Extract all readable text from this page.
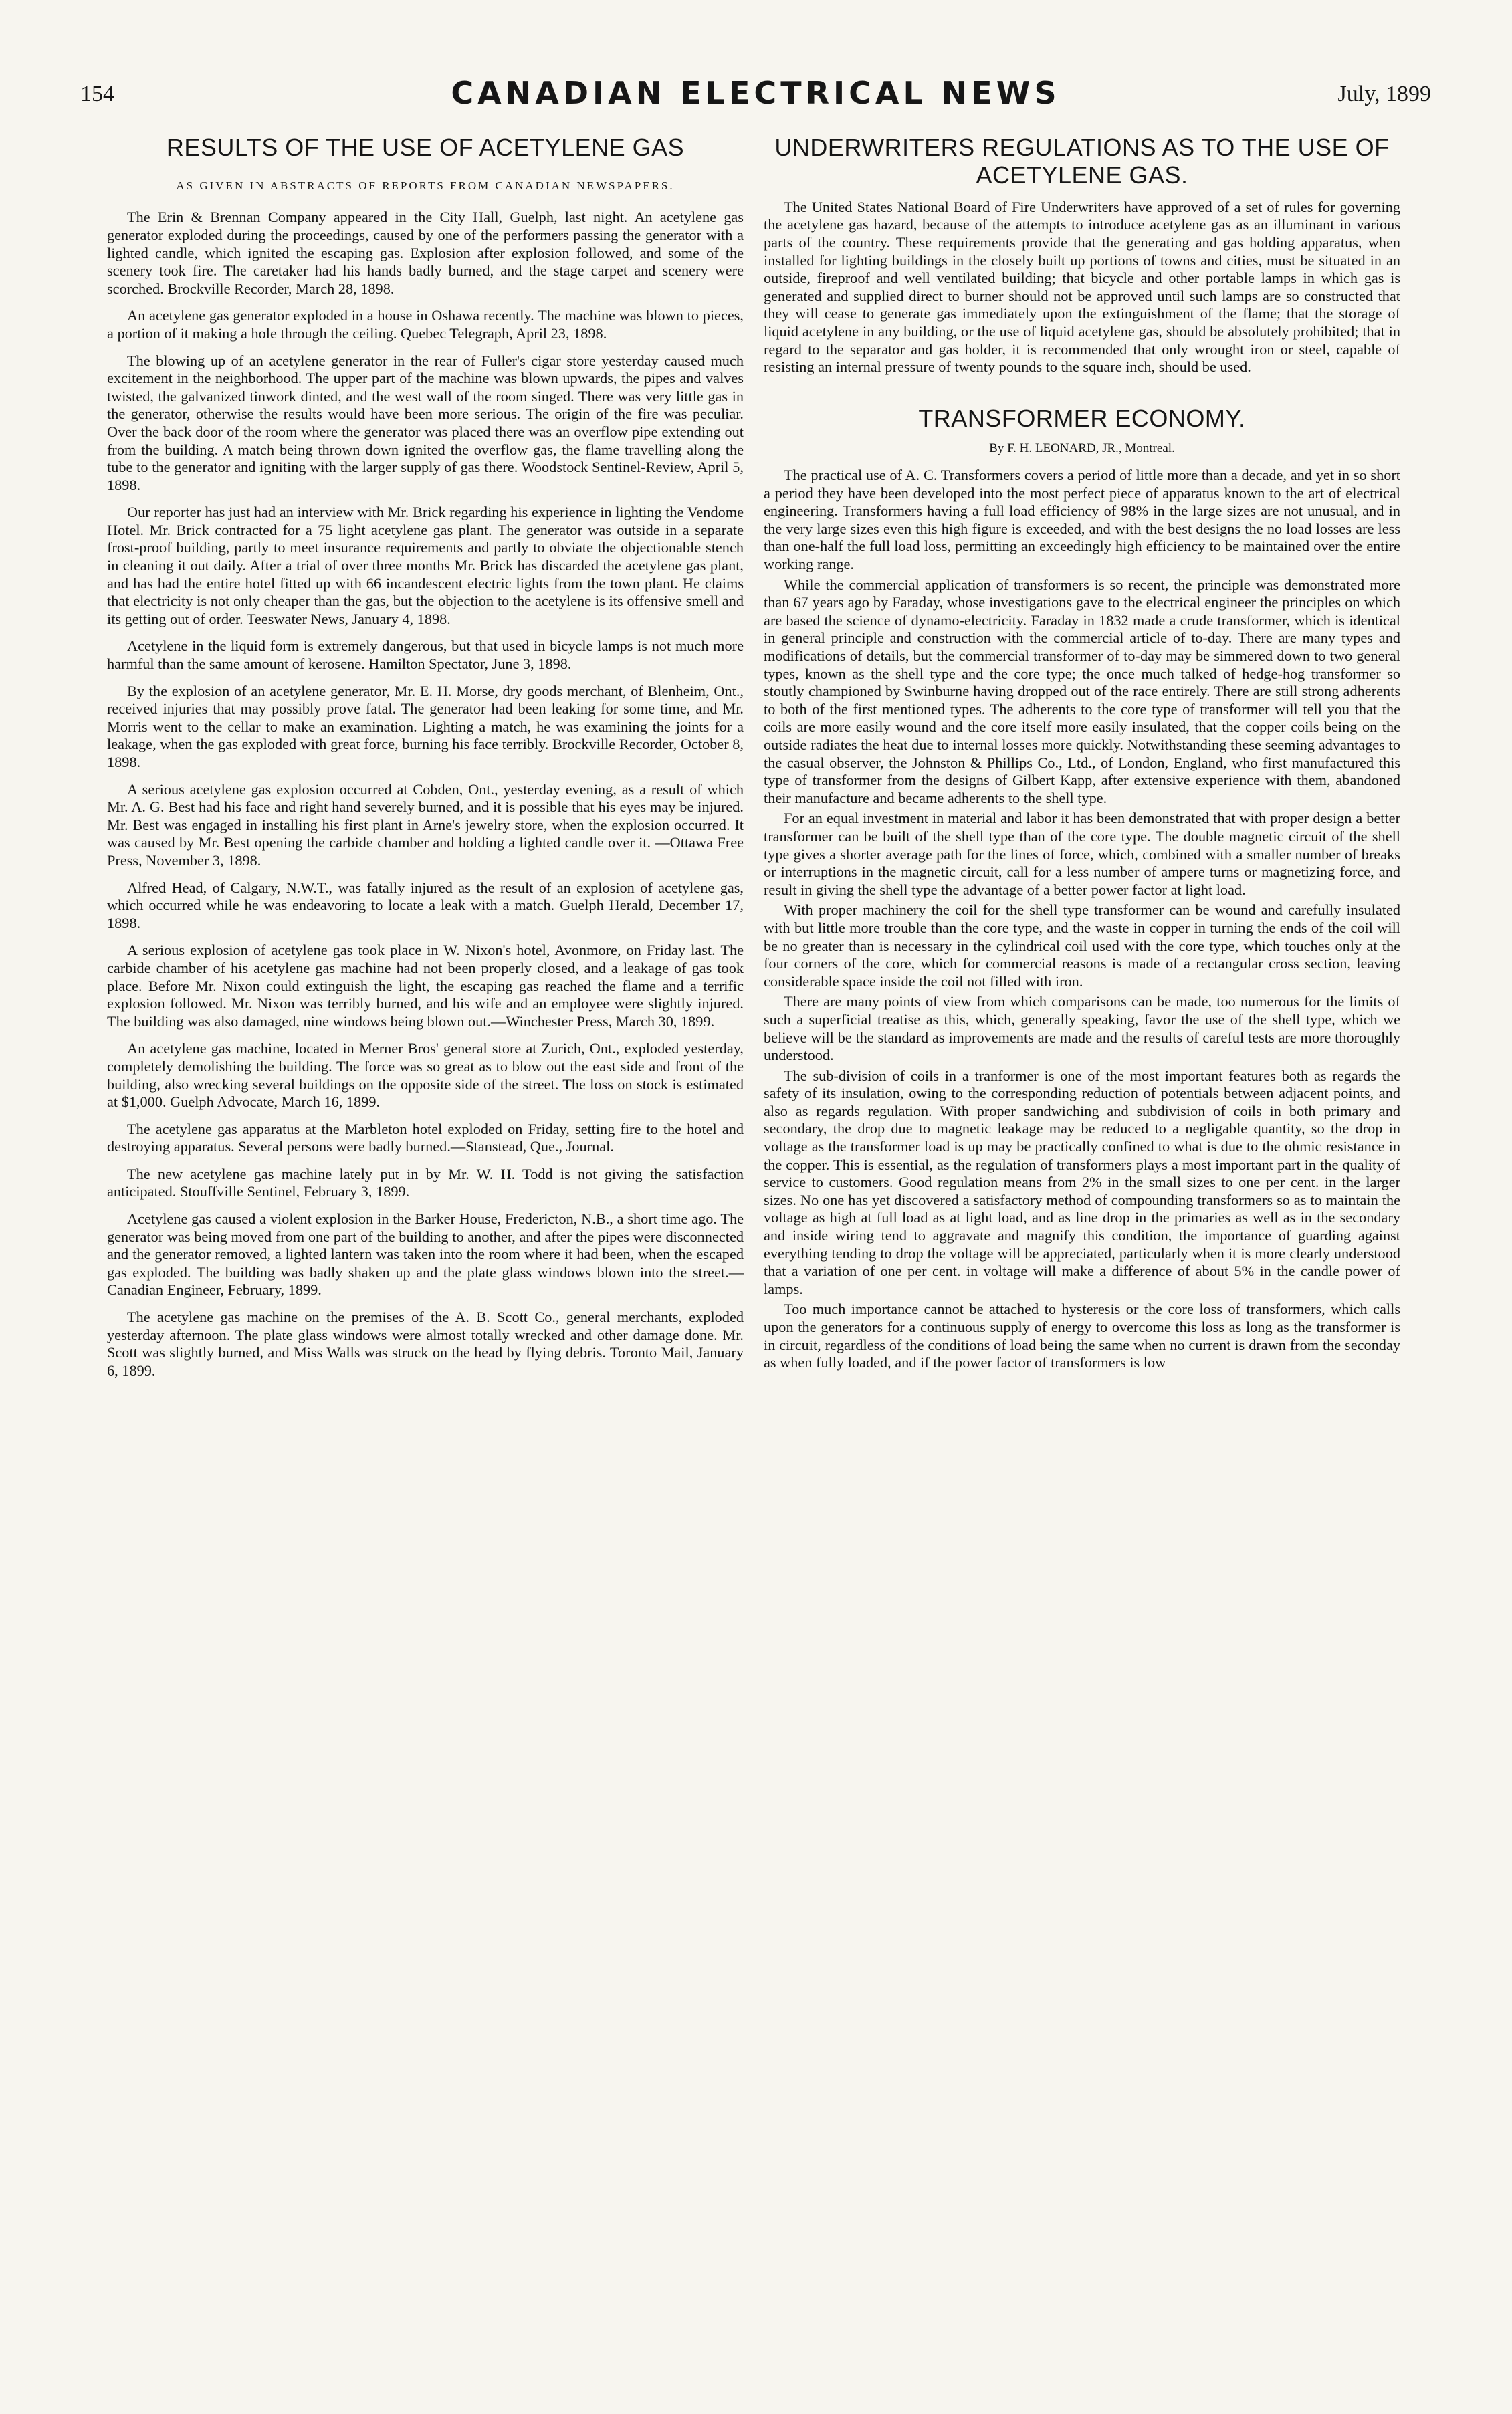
154	CANADIAN ELECTRICAL NEWS	July, 1899
RESULTS OF THE USE OF ACETYLENE GAS
AS GIVEN IN ABSTRACTS OF REPORTS FROM CANADIAN NEWSPAPERS.

The Erin & Brennan Company appeared in the City Hall, Guelph, last night. An acetylene gas generator exploded during the proceedings, caused by one of the performers passing the generator with a lighted candle, which ignited the escaping gas. Explosion after explosion followed, and some of the scenery took fire. The caretaker had his hands badly burned, and the stage carpet and scenery were scorched. Brockville Recorder, March 28, 1898.

An acetylene gas generator exploded in a house in Oshawa recently. The machine was blown to pieces, a portion of it making a hole through the ceiling. Quebec Telegraph, April 23, 1898.

The blowing up of an acetylene generator in the rear of Fuller's cigar store yesterday caused much excitement in the neighborhood. The upper part of the machine was blown upwards, the pipes and valves twisted, the galvanized tinwork dinted, and the west wall of the room singed. There was very little gas in the generator, otherwise the results would have been more serious. The origin of the fire was peculiar. Over the back door of the room where the generator was placed there was an overflow pipe extending out from the building. A match being thrown down ignited the overflow gas, the flame travelling along the tube to the generator and igniting with the larger supply of gas there. Woodstock Sentinel-Review, April 5, 1898.

Our reporter has just had an interview with Mr. Brick regarding his experience in lighting the Vendome Hotel. Mr. Brick contracted for a 75 light acetylene gas plant. The generator was outside in a separate frost-proof building, partly to meet insurance requirements and partly to obviate the objectionable stench in cleaning it out daily. After a trial of over three months Mr. Brick has discarded the acetylene gas plant, and has had the entire hotel fitted up with 66 incandescent electric lights from the town plant. He claims that electricity is not only cheaper than the gas, but the objection to the acetylene is its offensive smell and its getting out of order. Teeswater News, January 4, 1898.

Acetylene in the liquid form is extremely dangerous, but that used in bicycle lamps is not much more harmful than the same amount of kerosene. Hamilton Spectator, June 3, 1898.

By the explosion of an acetylene generator, Mr. E. H. Morse, dry goods merchant, of Blenheim, Ont., received injuries that may possibly prove fatal. The generator had been leaking for some time, and Mr. Morris went to the cellar to make an examination. Lighting a match, he was examining the joints for a leakage, when the gas exploded with great force, burning his face terribly. Brockville Recorder, October 8, 1898.

A serious acetylene gas explosion occurred at Cobden, Ont., yesterday evening, as a result of which Mr. A. G. Best had his face and right hand severely burned, and it is possible that his eyes may be injured. Mr. Best was engaged in installing his first plant in Arne's jewelry store, when the explosion occurred. It was caused by Mr. Best opening the carbide chamber and holding a lighted candle over it. —Ottawa Free Press, November 3, 1898.

Alfred Head, of Calgary, N.W.T., was fatally injured as the result of an explosion of acetylene gas, which occurred while he was endeavoring to locate a leak with a match. Guelph Herald, December 17, 1898.

A serious explosion of acetylene gas took place in W. Nixon's hotel, Avonmore, on Friday last. The carbide chamber of his acetylene gas machine had not been properly closed, and a leakage of gas took place. Before Mr. Nixon could extinguish the light, the escaping gas reached the flame and a terrific explosion followed. Mr. Nixon was terribly burned, and his wife and an employee were slightly injured. The building was also damaged, nine windows being blown out.—Winchester Press, March 30, 1899.

An acetylene gas machine, located in Merner Bros' general store at Zurich, Ont., exploded yesterday, completely demolishing the building. The force was so great as to blow out the east side and front of the building, also wrecking several buildings on the opposite side of the street. The loss on stock is estimated at $1,000. Guelph Advocate, March 16, 1899.

The acetylene gas apparatus at the Marbleton hotel exploded on Friday, setting fire to the hotel and destroying apparatus. Several persons were badly burned.—Stanstead, Que., Journal.

The new acetylene gas machine lately put in by Mr. W. H. Todd is not giving the satisfaction anticipated. Stouffville Sentinel, February 3, 1899.

Acetylene gas caused a violent explosion in the Barker House, Fredericton, N.B., a short time ago. The generator was being moved from one part of the building to another, and after the pipes were disconnected and the generator removed, a lighted lantern was taken into the room where it had been, when the escaped gas exploded. The building was badly shaken up and the plate glass windows blown into the street.—Canadian Engineer, February, 1899.

The acetylene gas machine on the premises of the A. B. Scott Co., general merchants, exploded yesterday afternoon. The plate glass windows were almost totally wrecked and other damage done. Mr. Scott was slightly burned, and Miss Walls was struck on the head by flying debris. Toronto Mail, January 6, 1899.

UNDERWRITERS REGULATIONS AS TO THE USE OF ACETYLENE GAS.

The United States National Board of Fire Underwriters have approved of a set of rules for governing the acetylene gas hazard, because of the attempts to introduce acetylene gas as an illuminant in various parts of the country. These requirements provide that the generating and gas holding apparatus, when installed for lighting buildings in the closely built up portions of towns and cities, must be situated in an outside, fireproof and well ventilated building; that bicycle and other portable lamps in which gas is generated and supplied direct to burner should not be approved until such lamps are so constructed that they will cease to generate gas immediately upon the extinguishment of the flame; that the storage of liquid acetylene in any building, or the use of liquid acetylene gas, should be absolutely prohibited; that in regard to the separator and gas holder, it is recommended that only wrought iron or steel, capable of resisting an internal pressure of twenty pounds to the square inch, should be used.

TRANSFORMER ECONOMY.
By F. H. LEONARD, JR., Montreal.

The practical use of A. C. Transformers covers a period of little more than a decade, and yet in so short a period they have been developed into the most perfect piece of apparatus known to the art of electrical engineering. Transformers having a full load efficiency of 98% in the large sizes are not unusual, and in the very large sizes even this high figure is exceeded, and with the best designs the no load losses are less than one-half the full load loss, permitting an exceedingly high efficiency to be maintained over the entire working range.

While the commercial application of transformers is so recent, the principle was demonstrated more than 67 years ago by Faraday, whose investigations gave to the electrical engineer the principles on which are based the science of dynamo-electricity. Faraday in 1832 made a crude transformer, which is identical in general principle and construction with the commercial article of to-day. There are many types and modifications of details, but the commercial transformer of to-day may be simmered down to two general types, known as the shell type and the core type; the once much talked of hedge-hog transformer so stoutly championed by Swinburne having dropped out of the race entirely. There are still strong adherents to both of the first mentioned types. The adherents to the core type of transformer will tell you that the coils are more easily wound and the core itself more easily insulated, that the copper coils being on the outside radiates the heat due to internal losses more quickly. Notwithstanding these seeming advantages to the casual observer, the Johnston & Phillips Co., Ltd., of London, England, who first manufactured this type of transformer from the designs of Gilbert Kapp, after extensive experience with them, abandoned their manufacture and became adherents to the shell type.

For an equal investment in material and labor it has been demonstrated that with proper design a better transformer can be built of the shell type than of the core type. The double magnetic circuit of the shell type gives a shorter average path for the lines of force, which, combined with a smaller number of breaks or interruptions in the magnetic circuit, call for a less number of ampere turns or magnetizing force, and result in giving the shell type the advantage of a better power factor at light load.

With proper machinery the coil for the shell type transformer can be wound and carefully insulated with but little more trouble than the core type, and the waste in copper in turning the ends of the coil will be no greater than is necessary in the cylindrical coil used with the core type, which touches only at the four corners of the core, which for commercial reasons is made of a rectangular cross section, leaving considerable space inside the coil not filled with iron.

There are many points of view from which comparisons can be made, too numerous for the limits of such a superficial treatise as this, which, generally speaking, favor the use of the shell type, which we believe will be the standard as improvements are made and the results of careful tests are more thoroughly understood.

The sub-division of coils in a tranformer is one of the most important features both as regards the safety of its insulation, owing to the corresponding reduction of potentials between adjacent points, and also as regards regulation. With proper sandwiching and subdivision of coils in both primary and secondary, the drop due to magnetic leakage may be reduced to a negligable quantity, so the drop in voltage as the transformer load is up may be practically confined to what is due to the ohmic resistance in the copper. This is essential, as the regulation of transformers plays a most important part in the quality of service to customers. Good regulation means from 2% in the small sizes to one per cent. in the larger sizes. No one has yet discovered a satisfactory method of compounding transformers so as to maintain the voltage as high at full load as at light load, and as line drop in the primaries as well as in the secondary and inside wiring tend to aggravate and magnify this condition, the importance of guarding against everything tending to drop the voltage will be appreciated, particularly when it is more clearly understood that a variation of one per cent. in voltage will make a difference of about 5% in the candle power of lamps.

Too much importance cannot be attached to hysteresis or the core loss of transformers, which calls upon the generators for a continuous supply of energy to overcome this loss as long as the transformer is in circuit, regardless of the conditions of load being the same when no current is drawn from the seconday as when fully loaded, and if the power factor of transformers is low
